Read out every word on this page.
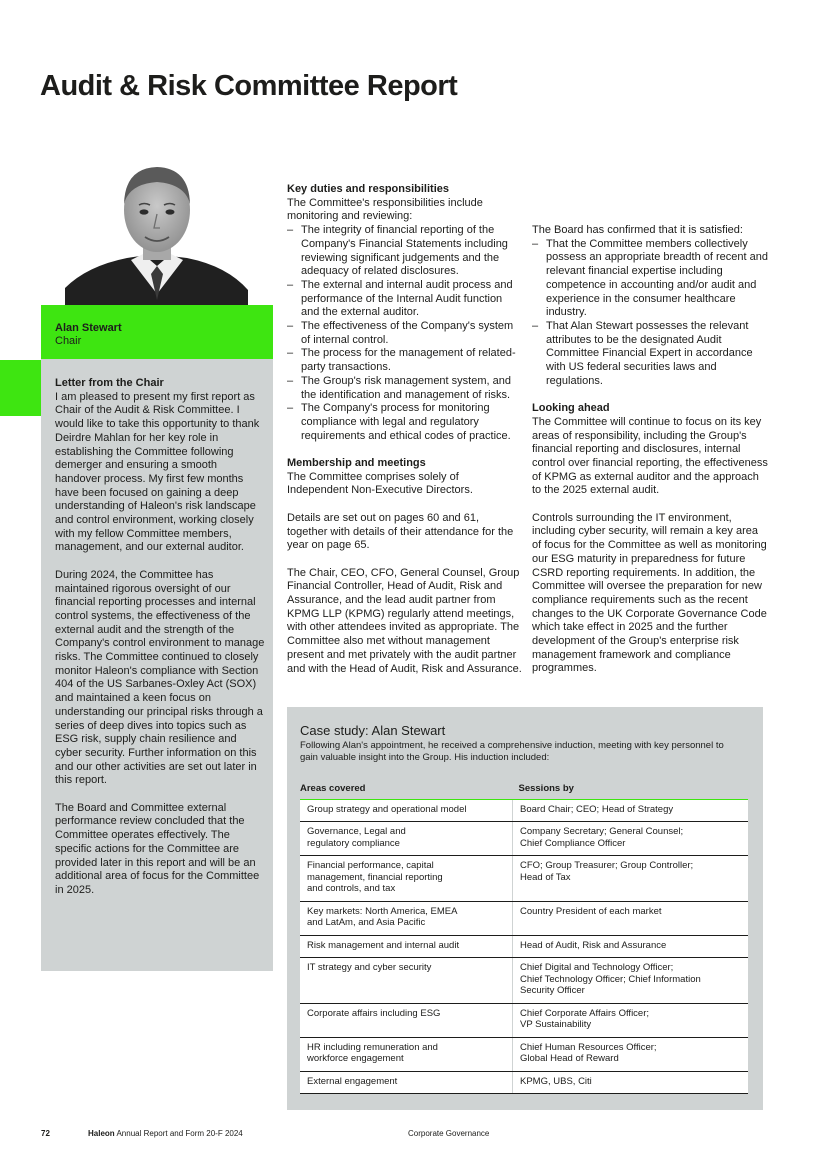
Audit & Risk Committee Report
Alan Stewart
Chair
Letter from the Chair

I am pleased to present my first report as Chair of the Audit & Risk Committee. I would like to take this opportunity to thank Deirdre Mahlan for her key role in establishing the Committee following demerger and ensuring a smooth handover process. My first few months have been focused on gaining a deep understanding of Haleon's risk landscape and control environment, working closely with my fellow Committee members, management, and our external auditor.

During 2024, the Committee has maintained rigorous oversight of our financial reporting processes and internal control systems, the effectiveness of the external audit and the strength of the Company's control environment to manage risks. The Committee continued to closely monitor Haleon's compliance with Section 404 of the US Sarbanes-Oxley Act (SOX) and maintained a keen focus on understanding our principal risks through a series of deep dives into topics such as ESG risk, supply chain resilience and cyber security. Further information on this and our other activities are set out later in this report.

The Board and Committee external performance review concluded that the Committee operates effectively. The specific actions for the Committee are provided later in this report and will be an additional area of focus for the Committee in 2025.

Key duties and responsibilities
The Committee's responsibilities include monitoring and reviewing:
– The integrity of financial reporting of the Company's Financial Statements including reviewing significant judgements and the adequacy of related disclosures.
– The external and internal audit process and performance of the Internal Audit function and the external auditor.
– The effectiveness of the Company's system of internal control.
– The process for the management of related-party transactions.
– The Group's risk management system, and the identification and management of risks.
– The Company's process for monitoring compliance with legal and regulatory requirements and ethical codes of practice.
Membership and meetings

The Committee comprises solely of Independent Non-Executive Directors.

Details are set out on pages 60 and 61, together with details of their attendance for the year on page 65.

The Chair, CEO, CFO, General Counsel, Group Financial Controller, Head of Audit, Risk and Assurance, and the lead audit partner from KPMG LLP (KPMG) regularly attend meetings, with other attendees invited as appropriate. The Committee also met without management present and met privately with the audit partner and with the Head of Audit, Risk and Assurance.

The Board has confirmed that it is satisfied:
– That the Committee members collectively possess an appropriate breadth of recent and relevant financial expertise including competence in accounting and/or audit and experience in the consumer healthcare industry.
– That Alan Stewart possesses the relevant attributes to be the designated Audit Committee Financial Expert in accordance with US federal securities laws and regulations.
Looking ahead

The Committee will continue to focus on its key areas of responsibility, including the Group's financial reporting and disclosures, internal control over financial reporting, the effectiveness of KPMG as external auditor and the approach to the 2025 external audit.

Controls surrounding the IT environment, including cyber security, will remain a key area of focus for the Committee as well as monitoring our ESG maturity in preparedness for future CSRD reporting requirements. In addition, the Committee will oversee the preparation for new compliance requirements such as the recent changes to the UK Corporate Governance Code which take effect in 2025 and the further development of the Group's enterprise risk management framework and compliance programmes.

Case study: Alan Stewart
Following Alan's appointment, he received a comprehensive induction, meeting with key personnel to gain valuable insight into the Group. His induction included:
Areas covered	Sessions by
Group strategy and operational model	Board Chair; CEO; Head of Strategy
Governance, Legal and
regulatory compliance	Company Secretary; General Counsel;
Chief Compliance Officer
Financial performance, capital
management, financial reporting
and controls, and tax	CFO; Group Treasurer; Group Controller;
Head of Tax
Key markets: North America, EMEA
and LatAm, and Asia Pacific	Country President of each market
Risk management and internal audit	Head of Audit, Risk and Assurance
IT strategy and cyber security	Chief Digital and Technology Officer;
Chief Technology Officer; Chief Information
Security Officer
Corporate affairs including ESG	Chief Corporate Affairs Officer;
VP Sustainability
HR including remuneration and
workforce engagement	Chief Human Resources Officer;
Global Head of Reward
External engagement	KPMG, UBS, Citi
72	Haleon Annual Report and Form 20-F 2024	Corporate Governance
